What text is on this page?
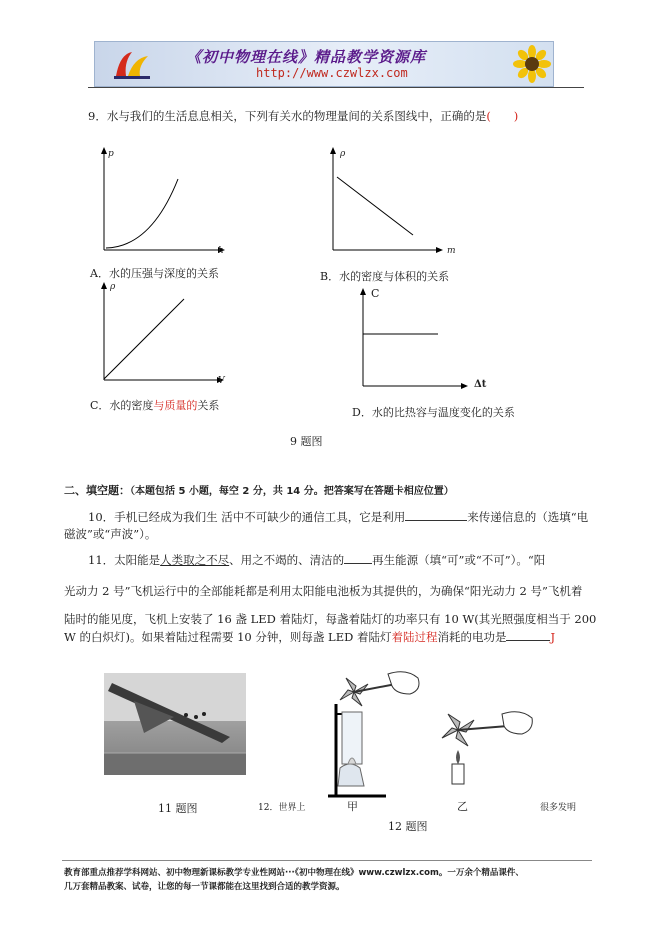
《初中物理在线》精品教学资源库
http://www.czwlzx.com
9．水与我们的生活息息相关，下列有关水的物理量间的关系图线中，正确的是(　　)
p
h
A．水的压强与深度的关系
ρ
m
B．水的密度与体积的关系
ρ
V
C．水的密度与质量的关系
C
Δt
D．水的比热容与温度变化的关系
9 题图
二、填空题：（本题包括 5 小题，每空 2 分，共 14 分。把答案写在答题卡相应位置）
10．手机已经成为我们生 活中不可缺少的通信工具，它是利用	来传递信息的（选填“电
磁波”或“声波”）。
11．太阳能是人类取之不尽、用之不竭的、清洁的 再生能源（填“可”或“不可”）。“阳
光动力 2 号”飞机运行中的全部能耗都是利用太阳能电池板为其提供的，为确保“阳光动力 2 号”飞机着
陆时的能见度，飞机上安装了 16 盏 LED 着陆灯，每盏着陆灯的功率只有 10 W(其光照强度相当于 200
W 的白炽灯)。如果着陆过程需要 10 分钟，则每盏 LED 着陆灯着陆过程消耗的电功是	J
11 题图	12．世界上	甲	乙	很多发明
12 题图
教育部重点推荐学科网站、初中物理新课标教学专业性网站···《初中物理在线》www.czwlzx.com。一万余个精品课件、
几万套精品教案、试卷，让您的每一节课都能在这里找到合适的教学资源。
